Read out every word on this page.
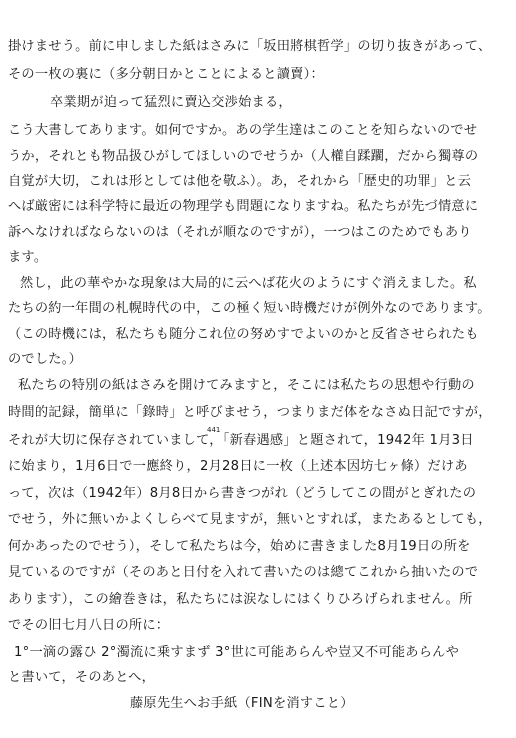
掛けませう。前に申しました紙はさみに「坂田將棋哲学」の切り抜きがあって、
その一枚の裏に（多分朝日かとことによると讀賣）：
卒業期が迫って猛烈に賣込交渉始まる，
こう大書してあります。如何ですか。あの学生達はこのことを知らないのでせ
うか，それとも物品扱ひがしてほしいのでせうか（人權自蹂躙，だから獨尊の
自覚が大切，これは形としては他を敬ふ）。あ，それから「歴史的功罪」と云
へば厳密には科学特に最近の物理学も問題になりますね。私たちが先づ情意に
訴へなければならないのは（それが順なのですが），一つはこのためでもあり
ます。
然し，此の華やかな現象は大局的に云へば花火のようにすぐ消えました。私
たちの約一年間の札幌時代の中，この極く短い時機だけが例外なのであります。
（この時機には，私たちも随分これ位の努めすでよいのかと反省させられたも
のでした。）
私たちの特別の紙はさみを開けてみますと，そこには私たちの思想や行動の
時間的記録，簡単に「錄時」と呼びませう，つまりまだ体をなさぬ日記ですが，
441
それが大切に保存されていまして，「新春遇感」と題されて，1942年 1月3日
に始まり，1月6日で一應終り，2月28日に一枚（上述本因坊七ヶ條）だけあ
って，次は（1942年）8月8日から書きつがれ（どうしてこの間がとぎれたの
でせう，外に無いかよくしらべて見ますが，無いとすれば，またあるとしても，
何かあったのでせう），そして私たちは今，始めに書きました8月19日の所を
見ているのですが（そのあと日付を入れて書いたのは總てこれから抽いたので
あります），この繪巻きは，私たちには涙なしにはくりひろげられません。所
でその旧七月八日の所に：
1°一滴の露ひ 2°濁流に乗すまず 3°世に可能あらんや豈又不可能あらんや
と書いて，そのあとへ，
藤原先生へお手紙（FINを消すこと）
